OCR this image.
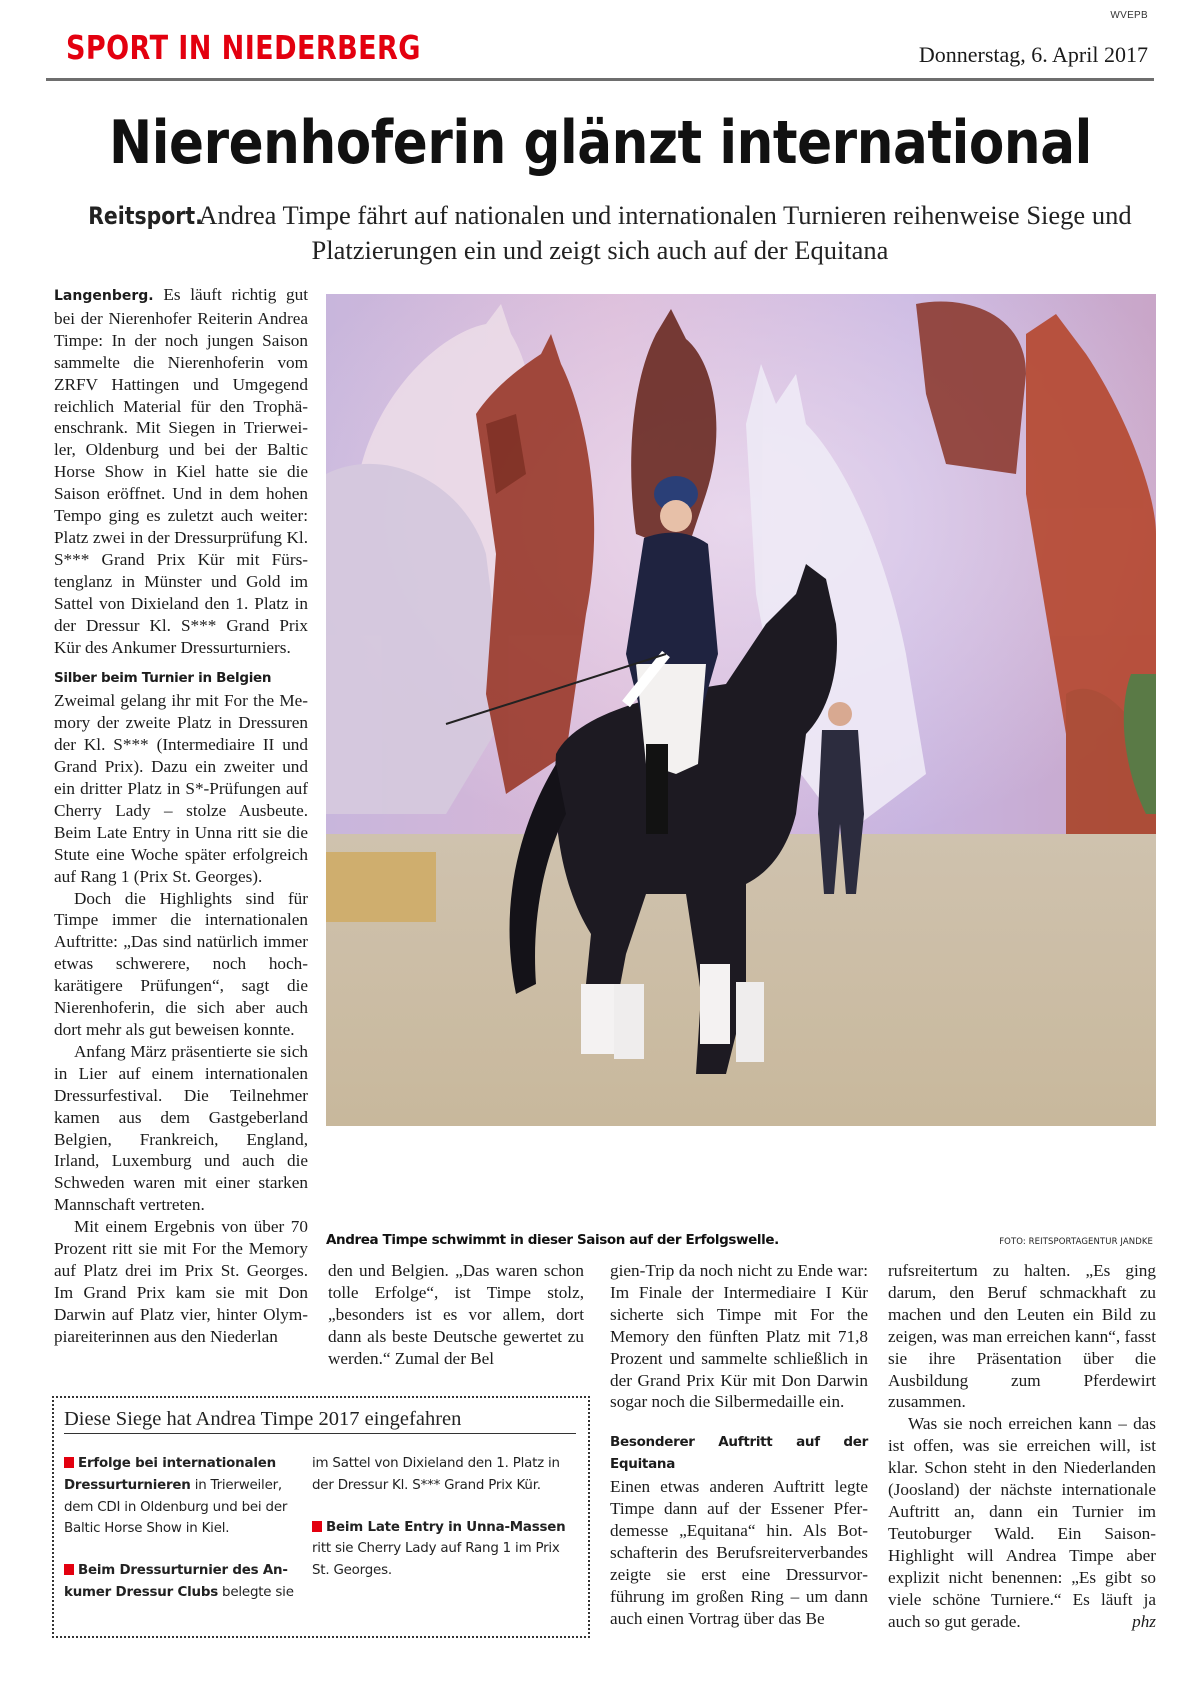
WVEPB
SPORT IN NIEDERBERG	Donnerstag, 6. April 2017
Nierenhoferin glänzt international
Reitsport. Andrea Timpe fährt auf nationalen und internationalen Turnieren reihenweise Siege und Platzierungen ein und zeigt sich auch auf der Equitana

Langenberg. Es läuft richtig gut bei der Nierenhofer Reiterin Andrea Timpe: In der noch jungen Saison sammelte die Nierenhoferin vom ZRFV Hattingen und Umgegend reichlich Material für den Trophäenschrank. Mit Siegen in Trierweiler, Oldenburg und bei der Baltic Horse Show in Kiel hatte sie die Saison eröffnet. Und in dem hohen Tempo ging es zuletzt auch weiter: Platz zwei in der Dressurprüfung Kl. S*** Grand Prix Kür mit Fürstenglanz in Münster und Gold im Sattel von Dixieland den 1. Platz in der Dressur Kl. S*** Grand Prix Kür des Ankumer Dressurturniers.

Silber beim Turnier in Belgien

Zweimal gelang ihr mit For the Memory der zweite Platz in Dressuren der Kl. S*** (Intermediaire II und Grand Prix). Dazu ein zweiter und ein dritter Platz in S*-Prüfungen auf Cherry Lady – stolze Ausbeute. Beim Late Entry in Unna ritt sie die Stute eine Woche später erfolgreich auf Rang 1 (Prix St. Georges).

Doch die Highlights sind für Timpe immer die internationalen Auftritte: „Das sind natürlich immer etwas schwerere, noch hochkarätigere Prüfungen“, sagt die Nierenhoferin, die sich aber auch dort mehr als gut beweisen konnte.

Anfang März präsentierte sie sich in Lier auf einem internationalen Dressurfestival. Die Teilnehmer kamen aus dem Gastgeberland Belgien, Frankreich, England, Irland, Luxemburg und auch die Schweden waren mit einer starken Mannschaft vertreten.

Mit einem Ergebnis von über 70 Prozent ritt sie mit For the Memory auf Platz drei im Prix St. Georges. Im Grand Prix kam sie mit Don Darwin auf Platz vier, hinter Olympiareiterinnen aus den Niederlan

Andrea Timpe schwimmt in dieser Saison auf der Erfolgswelle.	FOTO: REITSPORTAGENTUR JANDKE

den und Belgien. „Das waren schon tolle Erfolge“, ist Timpe stolz, „besonders ist es vor allem, dort dann als beste Deutsche gewertet zu werden.“ Zumal der Bel

gien-Trip da noch nicht zu Ende war: Im Finale der Intermediaire I Kür sicherte sich Timpe mit For the Memory den fünften Platz mit 71,8 Prozent und sammelte schließlich in der Grand Prix Kür mit Don Darwin sogar noch die Silbermedaille ein.

Besonderer Auftritt auf der Equitana

Einen etwas anderen Auftritt legte Timpe dann auf der Essener Pferdemesse „Equitana“ hin. Als Botschafterin des Berufsreiterverbandes zeigte sie erst eine Dressurvorführung im großen Ring – um dann auch einen Vortrag über das Be

rufsreitertum zu halten. „Es ging darum, den Beruf schmackhaft zu machen und den Leuten ein Bild zu zeigen, was man erreichen kann“, fasst sie ihre Präsentation über die Ausbildung zum Pferdewirt zusammen.

Was sie noch erreichen kann – das ist offen, was sie erreichen will, ist klar. Schon steht in den Niederlanden (Joosland) der nächste internationale Auftritt an, dann ein Turnier im Teutoburger Wald. Ein Saison-Highlight will Andrea Timpe aber explizit nicht benennen: „Es gibt so viele schöne Turniere.“ Es läuft ja auch so gut gerade.	phz

Diese Siege hat Andrea Timpe 2017 eingefahren
Erfolge bei internationalen Dressurturnieren in Trierweiler, dem CDI in Oldenburg und bei der Baltic Horse Show in Kiel.
Beim Dressurturnier des Ankumer Dressur Clubs belegte sie
im Sattel von Dixieland den 1. Platz in der Dressur Kl. S*** Grand Prix Kür.
Beim Late Entry in Unna-Massen ritt sie Cherry Lady auf Rang 1 im Prix St. Georges.
